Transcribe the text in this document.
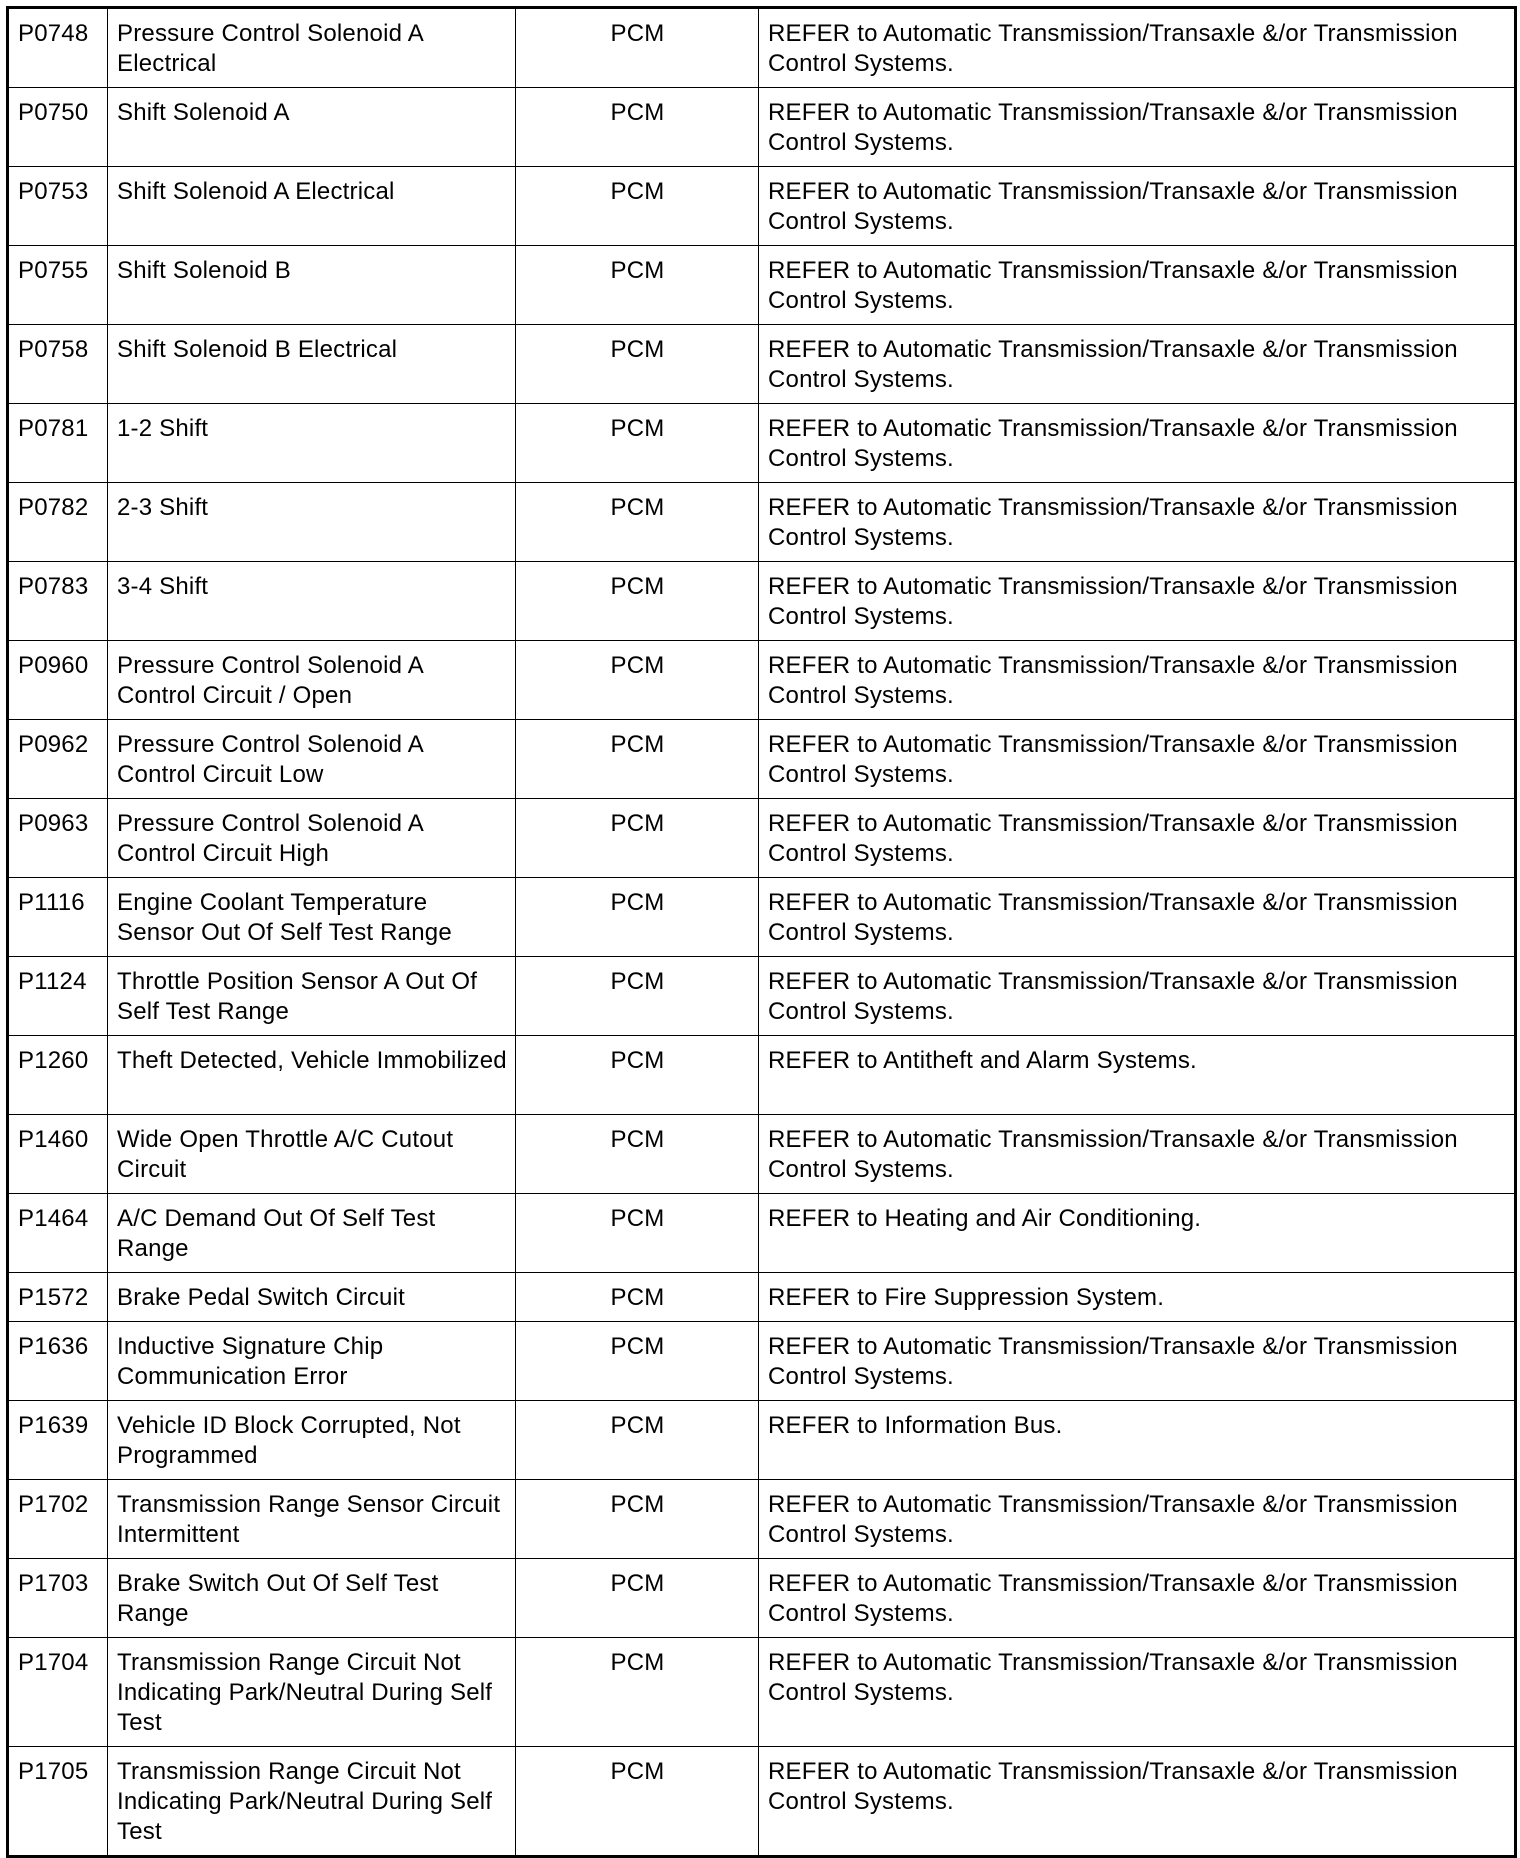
P0748	Pressure Control Solenoid A Electrical	PCM	REFER to Automatic Transmission/Transaxle &/or Transmission Control Systems.
P0750	Shift Solenoid A	PCM	REFER to Automatic Transmission/Transaxle &/or Transmission Control Systems.
P0753	Shift Solenoid A Electrical	PCM	REFER to Automatic Transmission/Transaxle &/or Transmission Control Systems.
P0755	Shift Solenoid B	PCM	REFER to Automatic Transmission/Transaxle &/or Transmission Control Systems.
P0758	Shift Solenoid B Electrical	PCM	REFER to Automatic Transmission/Transaxle &/or Transmission Control Systems.
P0781	1-2 Shift	PCM	REFER to Automatic Transmission/Transaxle &/or Transmission Control Systems.
P0782	2-3 Shift	PCM	REFER to Automatic Transmission/Transaxle &/or Transmission Control Systems.
P0783	3-4 Shift	PCM	REFER to Automatic Transmission/Transaxle &/or Transmission Control Systems.
P0960	Pressure Control Solenoid A Control Circuit / Open	PCM	REFER to Automatic Transmission/Transaxle &/or Transmission Control Systems.
P0962	Pressure Control Solenoid A Control Circuit Low	PCM	REFER to Automatic Transmission/Transaxle &/or Transmission Control Systems.
P0963	Pressure Control Solenoid A Control Circuit High	PCM	REFER to Automatic Transmission/Transaxle &/or Transmission Control Systems.
P1116	Engine Coolant Temperature Sensor Out Of Self Test Range	PCM	REFER to Automatic Transmission/Transaxle &/or Transmission Control Systems.
P1124	Throttle Position Sensor A Out Of Self Test Range	PCM	REFER to Automatic Transmission/Transaxle &/or Transmission Control Systems.
P1260	Theft Detected, Vehicle Immobilized	PCM	REFER to Antitheft and Alarm Systems.
P1460	Wide Open Throttle A/C Cutout Circuit	PCM	REFER to Automatic Transmission/Transaxle &/or Transmission Control Systems.
P1464	A/C Demand Out Of Self Test Range	PCM	REFER to Heating and Air Conditioning.
P1572	Brake Pedal Switch Circuit	PCM	REFER to Fire Suppression System.
P1636	Inductive Signature Chip Communication Error	PCM	REFER to Automatic Transmission/Transaxle &/or Transmission Control Systems.
P1639	Vehicle ID Block Corrupted, Not Programmed	PCM	REFER to Information Bus.
P1702	Transmission Range Sensor Circuit Intermittent	PCM	REFER to Automatic Transmission/Transaxle &/or Transmission Control Systems.
P1703	Brake Switch Out Of Self Test Range	PCM	REFER to Automatic Transmission/Transaxle &/or Transmission Control Systems.
P1704	Transmission Range Circuit Not Indicating Park/Neutral During Self Test	PCM	REFER to Automatic Transmission/Transaxle &/or Transmission Control Systems.
P1705	Transmission Range Circuit Not Indicating Park/Neutral During Self Test	PCM	REFER to Automatic Transmission/Transaxle &/or Transmission Control Systems.
